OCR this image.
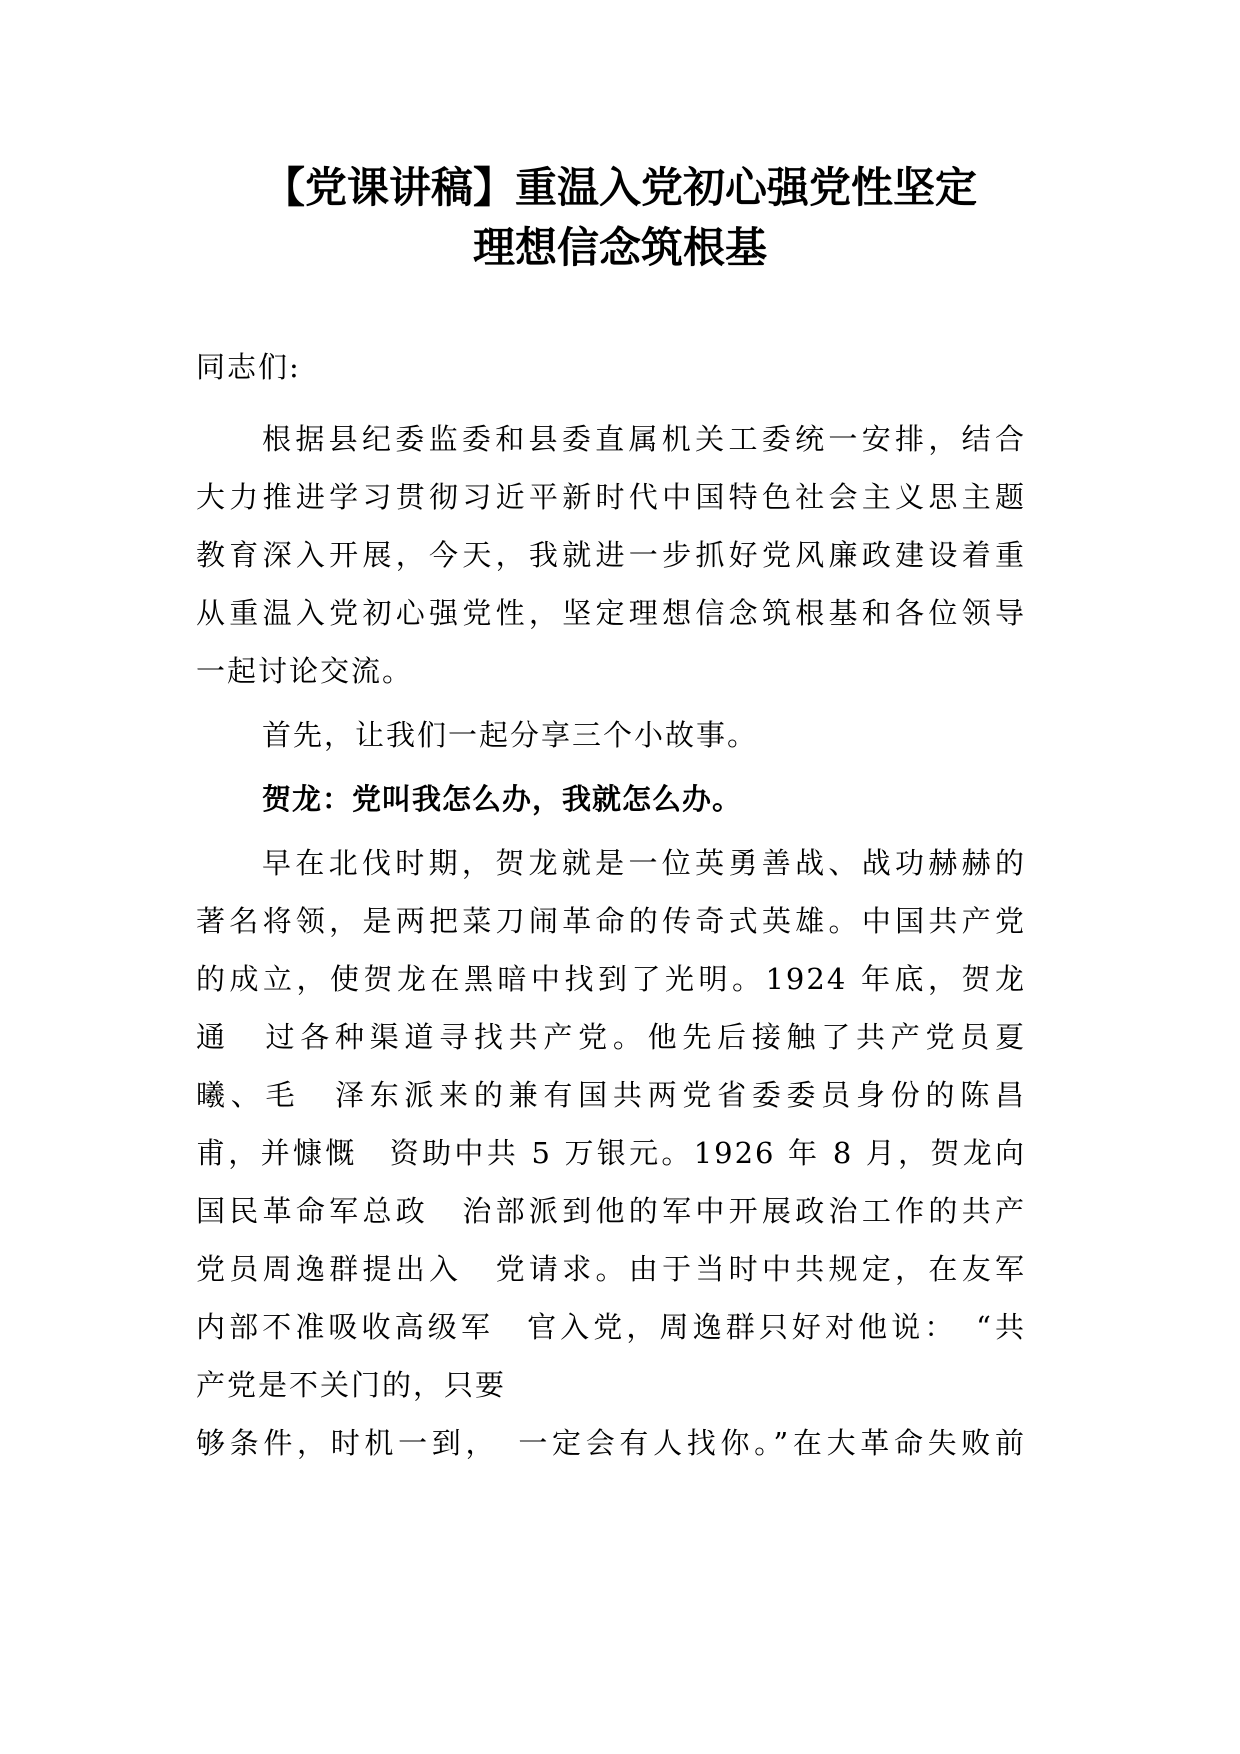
【党课讲稿】重温入党初心强党性坚定
理想信念筑根基

同志们:

根据县纪委监委和县委直属机关工委统一安排，结合
大力推进学习贯彻习近平新时代中国特色社会主义思主题
教育深入开展，今天，我就进一步抓好党风廉政建设着重
从重温入党初心强党性，坚定理想信念筑根基和各位领导
一起讨论交流。

首先，让我们一起分享三个小故事。

贺龙：党叫我怎么办，我就怎么办。

早在北伐时期，贺龙就是一位英勇善战、战功赫赫的
著名将领，是两把菜刀闹革命的传奇式英雄。中国共产党
的成立，使贺龙在黑暗中找到了光明。1924 年底，贺龙
通　过各种渠道寻找共产党。他先后接触了共产党员夏
曦、毛　泽东派来的兼有国共两党省委委员身份的陈昌
甫，并慷慨　资助中共 5 万银元。1926 年 8 月，贺龙向
国民革命军总政　治部派到他的军中开展政治工作的共产
党员周逸群提出入　党请求。由于当时中共规定，在友军
内部不准吸收高级军　官入党，周逸群只好对他说：　“共
产党是不关门的，只要
够条件，时机一到，　一定会有人找你。”在大革命失败前
